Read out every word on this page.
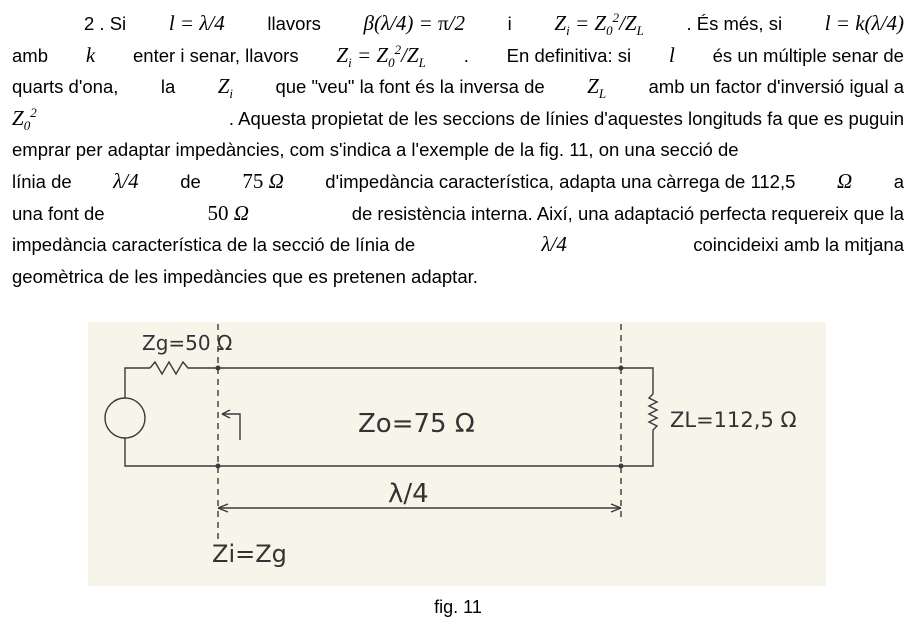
2 . Si l = λ/4 llavors β(λ/4) = π/2 i $Z_i = Z_0^2/Z_L$ . És més, si l = k(λ/4)
amb k enter i senar, llavors $Z_i = Z_0^2/Z_L$ . En definitiva: si l és un múltiple senar de
quarts d'ona, la $Z_i$ que "veu" la font és la inversa de $Z_L$ amb un factor d'inversió igual a
$Z_0^2$	. Aquesta propietat de les seccions de línies d'aquestes longituds fa que es puguin
emprar per adaptar impedàncies, com s'indica a l'exemple de la fig. 11, on una secció de
línia de λ/4 de 75 Ω d'impedància característica, adapta una càrrega de 112,5 Ω a
una font de	50 Ω	de resistència interna. Així, una adaptació perfecta requereix que la
impedància característica de la secció de línia de	λ/4	coincideixi amb la mitjana
geomètrica de les impedàncies que es pretenen adaptar.
Zg=50 Ω
Zo=75 Ω	ZL=112,5 Ω
λ/4
Zi=Zg
fig. 11
